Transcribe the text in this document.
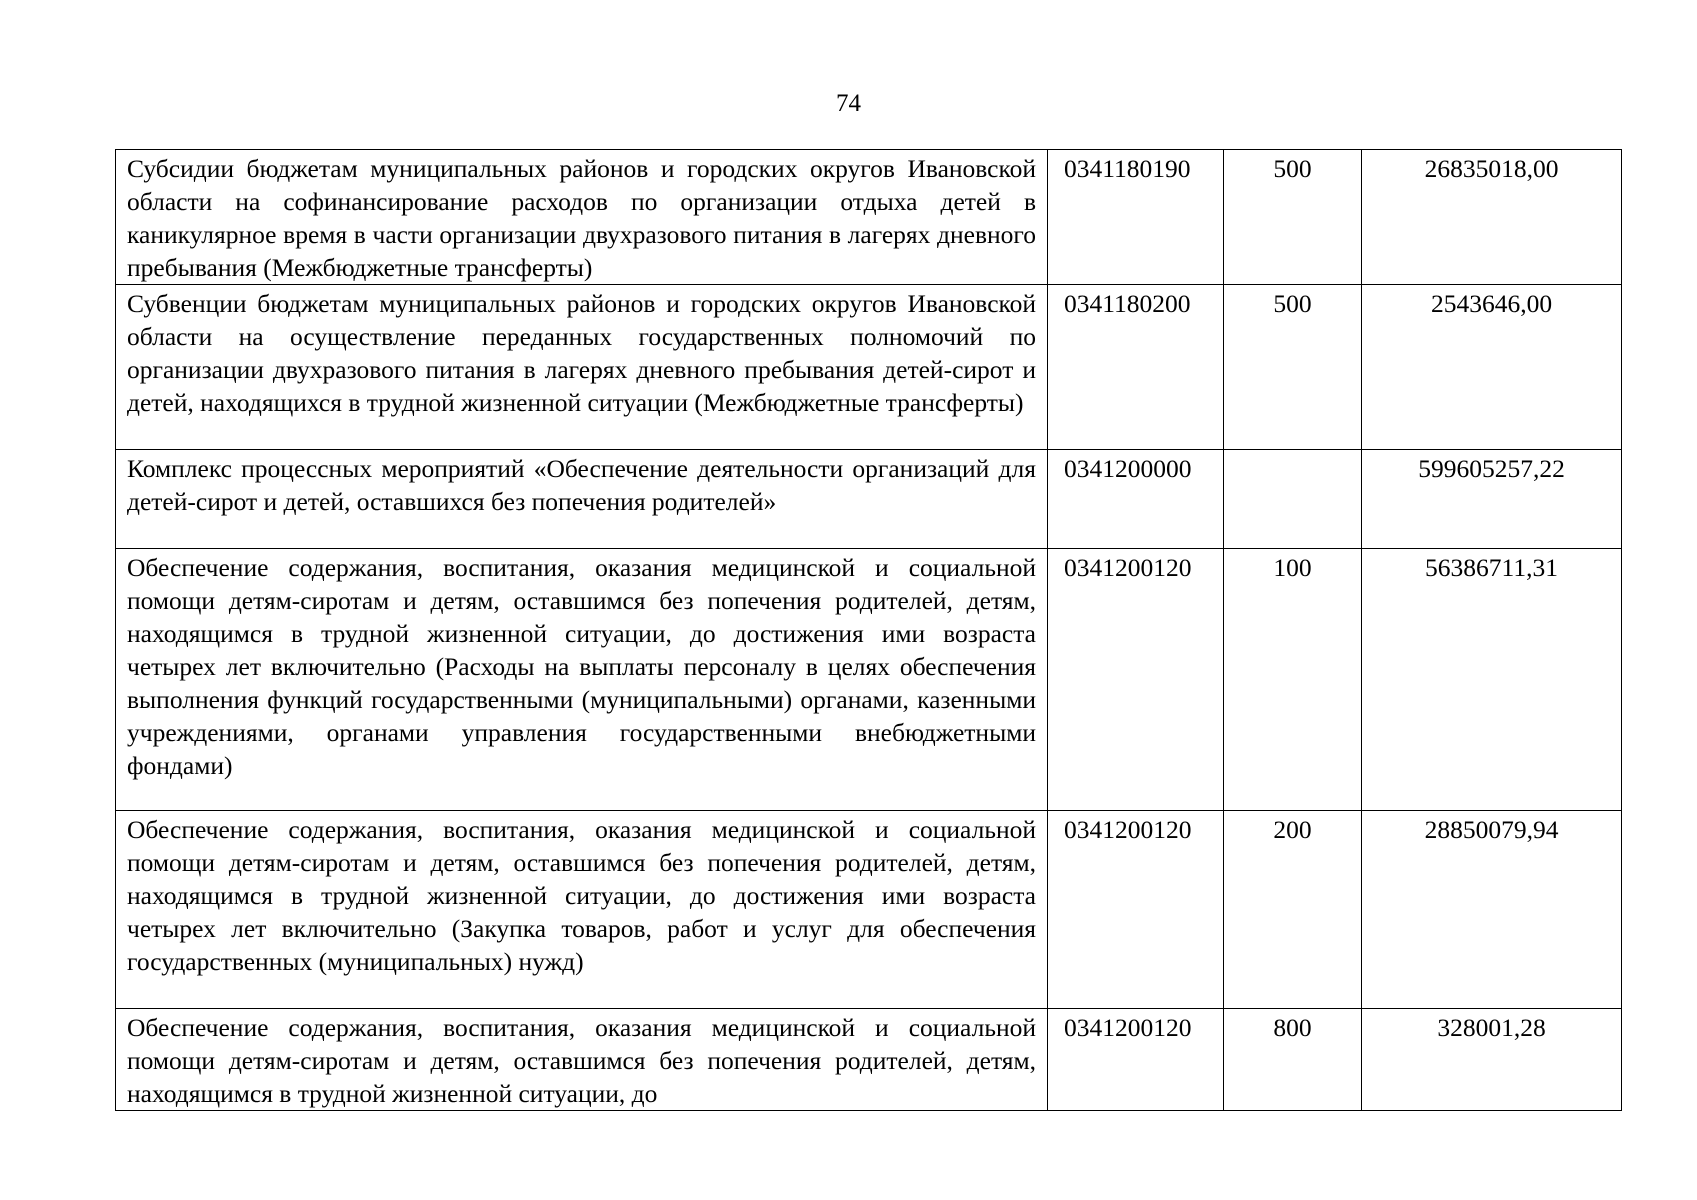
74
Субсидии бюджетам муниципальных районов и городских округов Ивановской области на софинансирование расходов по организации отдыха детей в каникулярное время в части организации двухразового питания в лагерях дневного пребывания (Межбюджетные трансферты)	0341180190	500	26835018,00
Субвенции бюджетам муниципальных районов и городских округов Ивановской области на осуществление переданных государственных полномочий по организации двухразового питания в лагерях дневного пребывания детей-сирот и детей, находящихся в трудной жизненной ситуации (Межбюджетные трансферты)	0341180200	500	2543646,00
Комплекс процессных мероприятий «Обеспечение деятельности организаций для детей-сирот и детей, оставшихся без попечения родителей»	0341200000		599605257,22
Обеспечение содержания, воспитания, оказания медицинской и социальной помощи детям-сиротам и детям, оставшимся без попечения родителей, детям, находящимся в трудной жизненной ситуации, до достижения ими возраста четырех лет включительно (Расходы на выплаты персоналу в целях обеспечения выполнения функций государственными (муниципальными) органами, казенными учреждениями, органами управления государственными внебюджетными фондами)	0341200120	100	56386711,31
Обеспечение содержания, воспитания, оказания медицинской и социальной помощи детям-сиротам и детям, оставшимся без попечения родителей, детям, находящимся в трудной жизненной ситуации, до достижения ими возраста четырех лет включительно (Закупка товаров, работ и услуг для обеспечения государственных (муниципальных) нужд)	0341200120	200	28850079,94
Обеспечение содержания, воспитания, оказания медицинской и социальной помощи детям-сиротам и детям, оставшимся без попечения родителей, детям, находящимся в трудной жизненной ситуации, до	0341200120	800	328001,28
